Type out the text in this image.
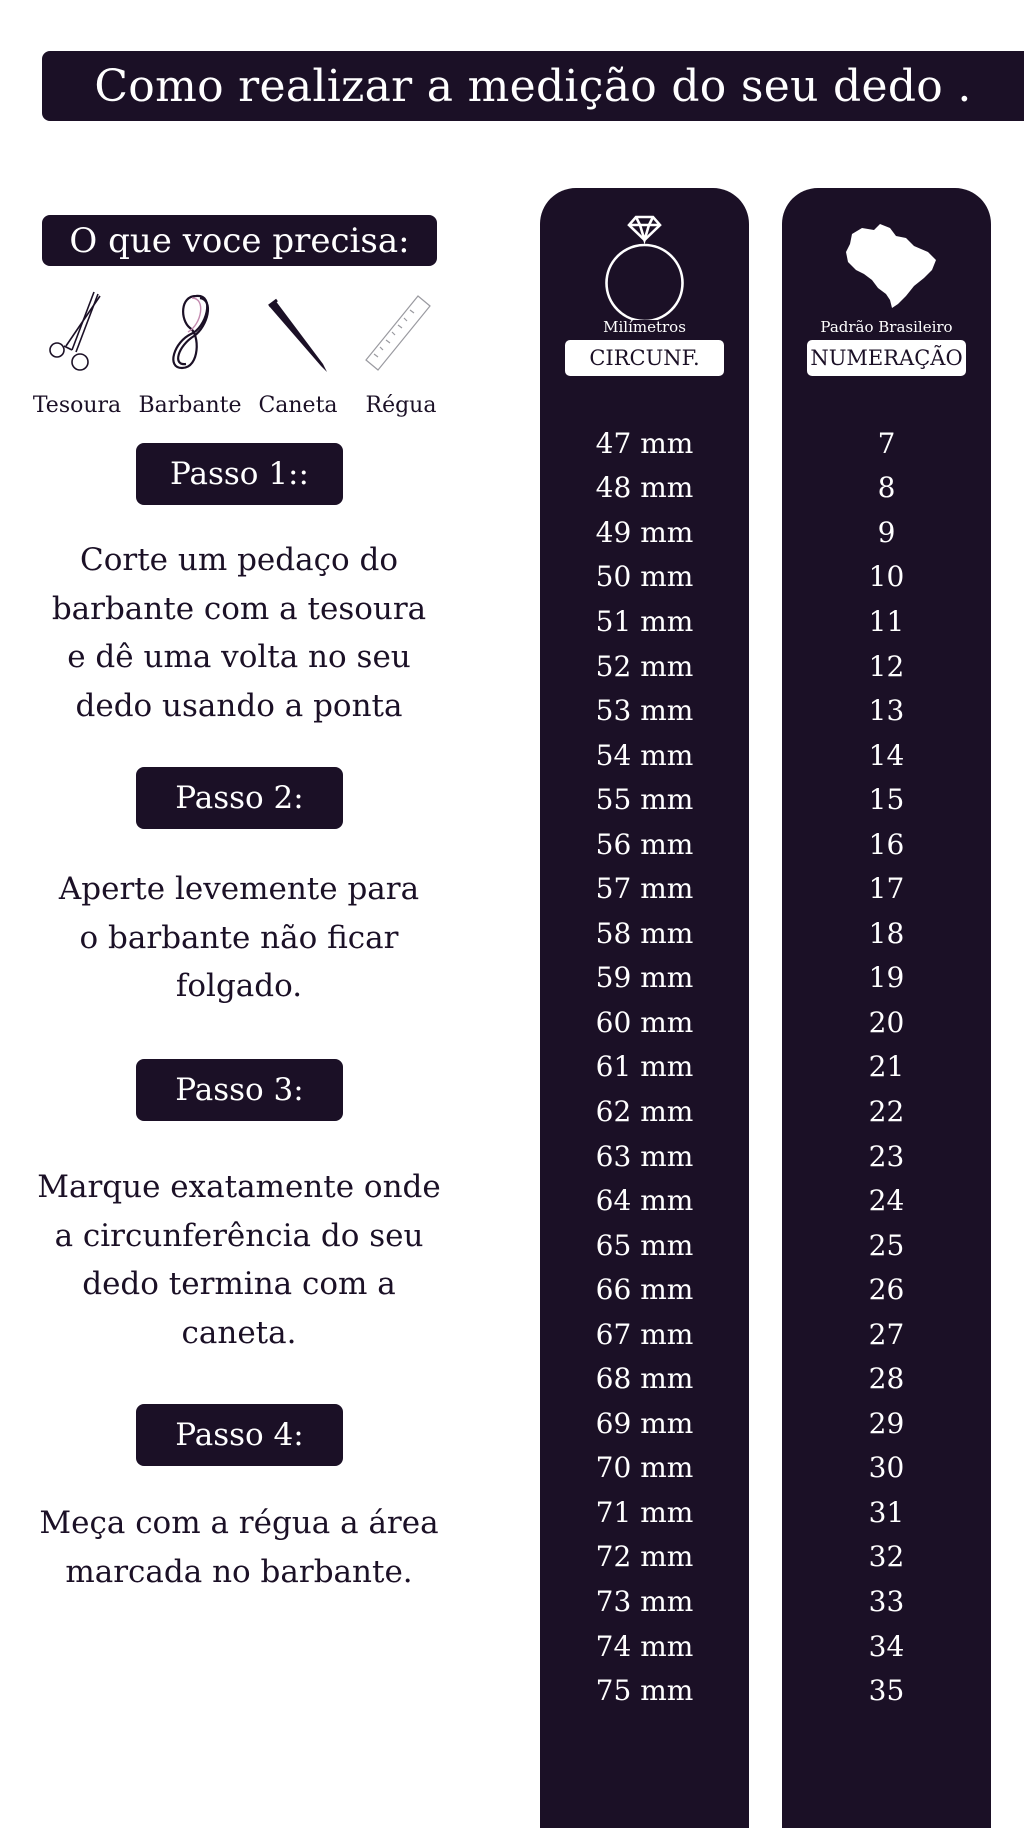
Como realizar a medição do seu dedo .
O que voce precisa:
Tesoura Barbante Caneta	Régua
Passo 1::
Corte um pedaço do
barbante com a tesoura
e dê uma volta no seu
dedo usando a ponta
Passo 2:
Aperte levemente para
o barbante não ficar
folgado.
Passo 3:
Marque exatamente onde
a circunferência do seu
dedo termina com a
caneta.
Passo 4:
Meça com a régua a área
marcada no barbante.
Milímetros
CIRCUNF.
47 mm
48 mm
49 mm
50 mm
51 mm
52 mm
53 mm
54 mm
55 mm
56 mm
57 mm
58 mm
59 mm
60 mm
61 mm
62 mm
63 mm
64 mm
65 mm
66 mm
67 mm
68 mm
69 mm
70 mm
71 mm
72 mm
73 mm
74 mm
75 mm
Padrão Brasileiro
NUMERAÇÃO
7
8
9
10
11
12
13
14
15
16
17
18
19
20
21
22
23
24
25
26
27
28
29
30
31
32
33
34
35
